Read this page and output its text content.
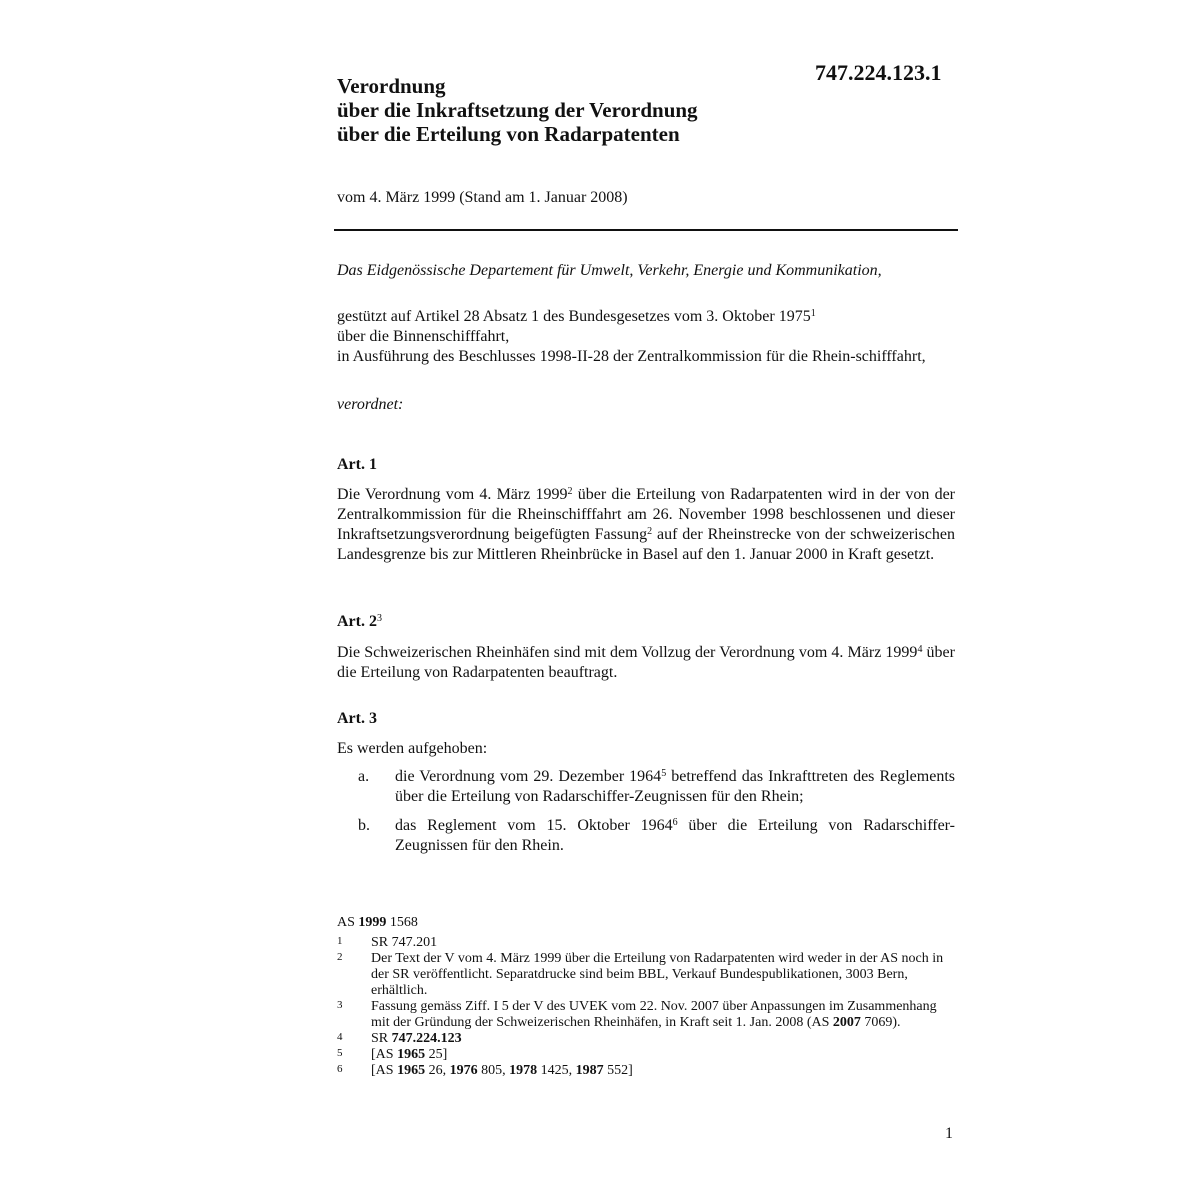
747.224.123.1
Verordnung
über die Inkraftsetzung der Verordnung
über die Erteilung von Radarpatenten
vom 4. März 1999 (Stand am 1. Januar 2008)
Das Eidgenössische Departement für Umwelt, Verkehr, Energie und Kommunikation,
gestützt auf Artikel 28 Absatz 1 des Bundesgesetzes vom 3. Oktober 1975$^1$
über die Binnenschifffahrt,
in Ausführung des Beschlusses 1998-II-28 der Zentralkommission für die Rhein-schifffahrt,
verordnet:
Art. 1
Die Verordnung vom 4. März 1999$^2$ über die Erteilung von Radarpatenten wird in der von der Zentralkommission für die Rheinschifffahrt am 26. November 1998 beschlossenen und dieser Inkraftsetzungsverordnung beigefügten Fassung$^2$ auf der Rheinstrecke von der schweizerischen Landesgrenze bis zur Mittleren Rheinbrücke in Basel auf den 1. Januar 2000 in Kraft gesetzt.
Art. $2^3$
Die Schweizerischen Rheinhäfen sind mit dem Vollzug der Verordnung vom 4. März 1999$^4$ über die Erteilung von Radarpatenten beauftragt.
Art. 3
Es werden aufgehoben:
a. die Verordnung vom 29. Dezember 1964$^5$ betreffend das Inkrafttreten des Reglements über die Erteilung von Radarschiffer-Zeugnissen für den Rhein;
b. das Reglement vom 15. Oktober 1964$^6$ über die Erteilung von Radarschiffer-Zeugnissen für den Rhein.
AS 1999 1568
1 SR 747.201
2 Der Text der V vom 4. März 1999 über die Erteilung von Radarpatenten wird weder in der AS noch in der SR veröffentlicht. Separatdrucke sind beim BBL, Verkauf Bundespublikationen, 3003 Bern, erhältlich.
3 Fassung gemäss Ziff. I 5 der V des UVEK vom 22. Nov. 2007 über Anpassungen im Zusammenhang mit der Gründung der Schweizerischen Rheinhäfen, in Kraft seit 1. Jan. 2008 (AS 2007 7069).
4 SR 747.224.123
5 [AS 1965 25]
6 [AS 1965 26, 1976 805, 1978 1425, 1987 552]
1
